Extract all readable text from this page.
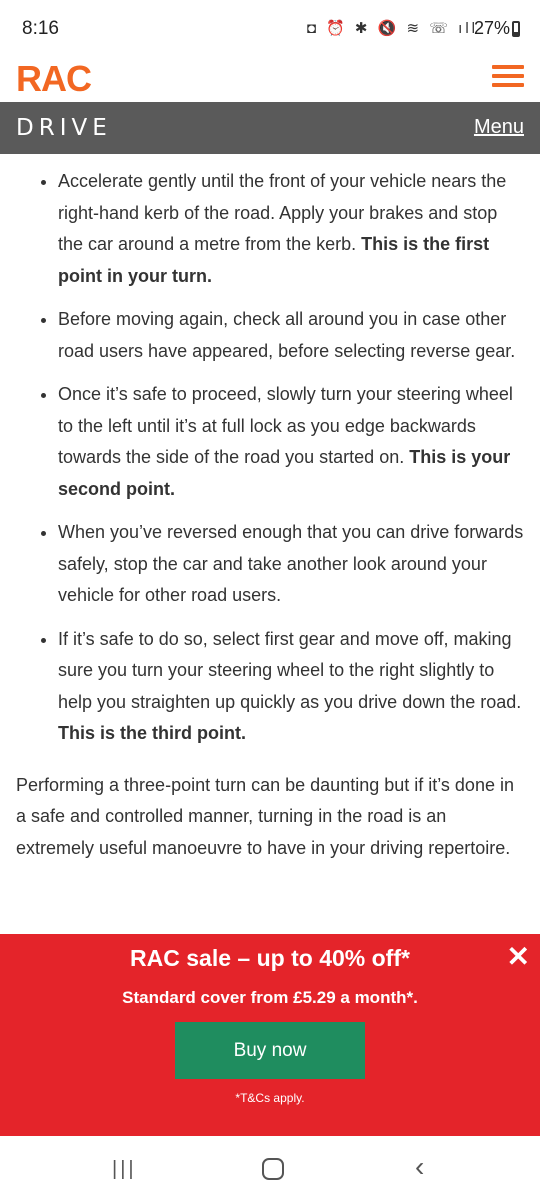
8:16	◘ ⏰ ✱ 🔇 ≋ ☏ ıll
27%
RAC
DRIVE	Menu
• Accelerate gently until the front of your vehicle nears the right-hand kerb of the road. Apply your brakes and stop the car around a metre from the kerb. This is the first point in your turn.
• Before moving again, check all around you in case other road users have appeared, before selecting reverse gear.
• Once it’s safe to proceed, slowly turn your steering wheel to the left until it’s at full lock as you edge backwards towards the side of the road you started on. This is your second point.
• When you’ve reversed enough that you can drive forwards safely, stop the car and take another look around your vehicle for other road users.
• If it’s safe to do so, select first gear and move off, making sure you turn your steering wheel to the right slightly to help you straighten up quickly as you drive down the road. This is the third point.

Performing a three-point turn can be daunting but if it’s done in a safe and controlled manner, turning in the road is an extremely useful manoeuvre to have in your driving repertoire.

RAC sale – up to 40% off*	✕
Standard cover from £5.29 a month*.
Buy now
*T&Cs apply.
|||	‹
